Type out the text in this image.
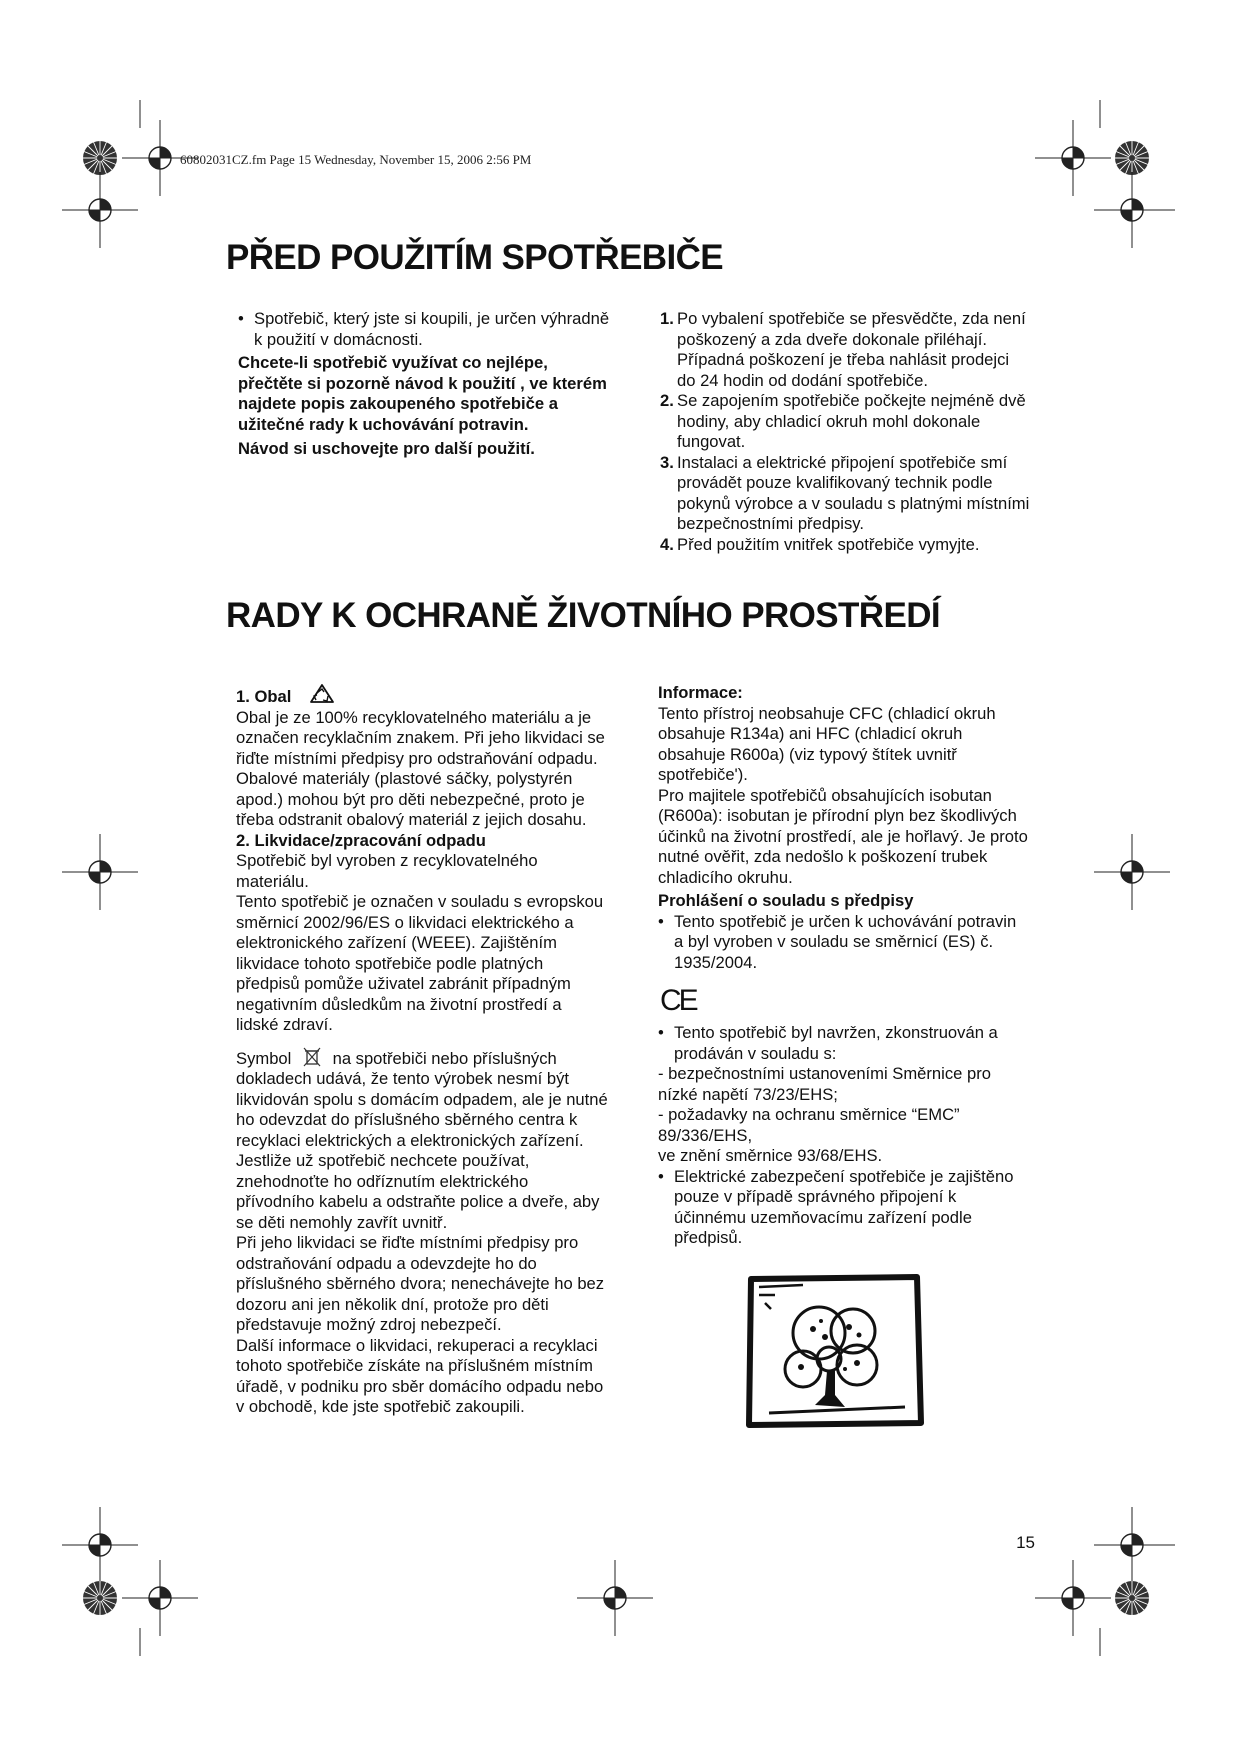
60802031CZ.fm Page 15 Wednesday, November 15, 2006 2:56 PM
PŘED POUŽITÍM SPOTŘEBIČE
• Spotřebič, který jste si koupili, je určen výhradně k použití v domácnosti.

Chcete-li spotřebič využívat co nejlépe, přečtěte si pozorně návod k použití , ve kterém najdete popis zakoupeného spotřebiče a užitečné rady k uchovávání potravin.

Návod si uschovejte pro další použití.

1. Po vybalení spotřebiče se přesvědčte, zda není poškozený a zda dveře dokonale přiléhají. Případná poškození je třeba nahlásit prodejci do 24 hodin od dodání spotřebiče.
2. Se zapojením spotřebiče počkejte nejméně dvě hodiny, aby chladicí okruh mohl dokonale fungovat.
3. Instalaci a elektrické připojení spotřebiče smí provádět pouze kvalifikovaný technik podle pokynů výrobce a v souladu s platnými místními bezpečnostními předpisy.
4. Před použitím vnitřek spotřebiče vymyjte.
RADY K OCHRANĚ ŽIVOTNÍHO PROSTŘEDÍ
1. Obal

Obal je ze 100% recyklovatelného materiálu a je označen recyklačním znakem. Při jeho likvidaci se řiďte místními předpisy pro odstraňování odpadu. Obalové materiály (plastové sáčky, polystyrén apod.) mohou být pro děti nebezpečné, proto je třeba odstranit obalový materiál z jejich dosahu.

2. Likvidace/zpracování odpadu

Spotřebič byl vyroben z recyklovatelného materiálu.

Tento spotřebič je označen v souladu s evropskou směrnicí 2002/96/ES o likvidaci elektrického a elektronického zařízení (WEEE). Zajištěním likvidace tohoto spotřebiče podle platných předpisů pomůže uživatel zabránit případným negativním důsledkům na životní prostředí a lidské zdraví.

Symbol na spotřebiči nebo příslušných dokladech udává, že tento výrobek nesmí být likvidován spolu s domácím odpadem, ale je nutné ho odevzdat do příslušného sběrného centra k recyklaci elektrických a elektronických zařízení.

Jestliže už spotřebič nechcete používat, znehodnoťte ho odříznutím elektrického přívodního kabelu a odstraňte police a dveře, aby se děti nemohly zavřít uvnitř.

Při jeho likvidaci se řiďte místními předpisy pro odstraňování odpadu a odevzdejte ho do příslušného sběrného dvora; nenechávejte ho bez dozoru ani jen několik dní, protože pro děti představuje možný zdroj nebezpečí.

Další informace o likvidaci, rekuperaci a recyklaci tohoto spotřebiče získáte na příslušném místním úřadě, v podniku pro sběr domácího odpadu nebo v obchodě, kde jste spotřebič zakoupili.

Informace:

Tento přístroj neobsahuje CFC (chladicí okruh obsahuje R134a) ani HFC (chladicí okruh obsahuje R600a) (viz typový štítek uvnitř spotřebiče').

Pro majitele spotřebičů obsahujících isobutan (R600a): isobutan je přírodní plyn bez škodlivých účinků na životní prostředí, ale je hořlavý. Je proto nutné ověřit, zda nedošlo k poškození trubek chladicího okruhu.

Prohlášení o souladu s předpisy

• Tento spotřebič je určen k uchovávání potravin a byl vyroben v souladu se směrnicí (ES) č. 1935/2004.
CE
• Tento spotřebič byl navržen, zkonstruován a prodáván v souladu s:

- bezpečnostními ustanoveními Směrnice pro nízké napětí 73/23/EHS;

- požadavky na ochranu směrnice “EMC” 89/336/EHS,

ve znění směrnice 93/68/EHS.

• Elektrické zabezpečení spotřebiče je zajištěno pouze v případě správného připojení k účinnému uzemňovacímu zařízení podle předpisů.
15
